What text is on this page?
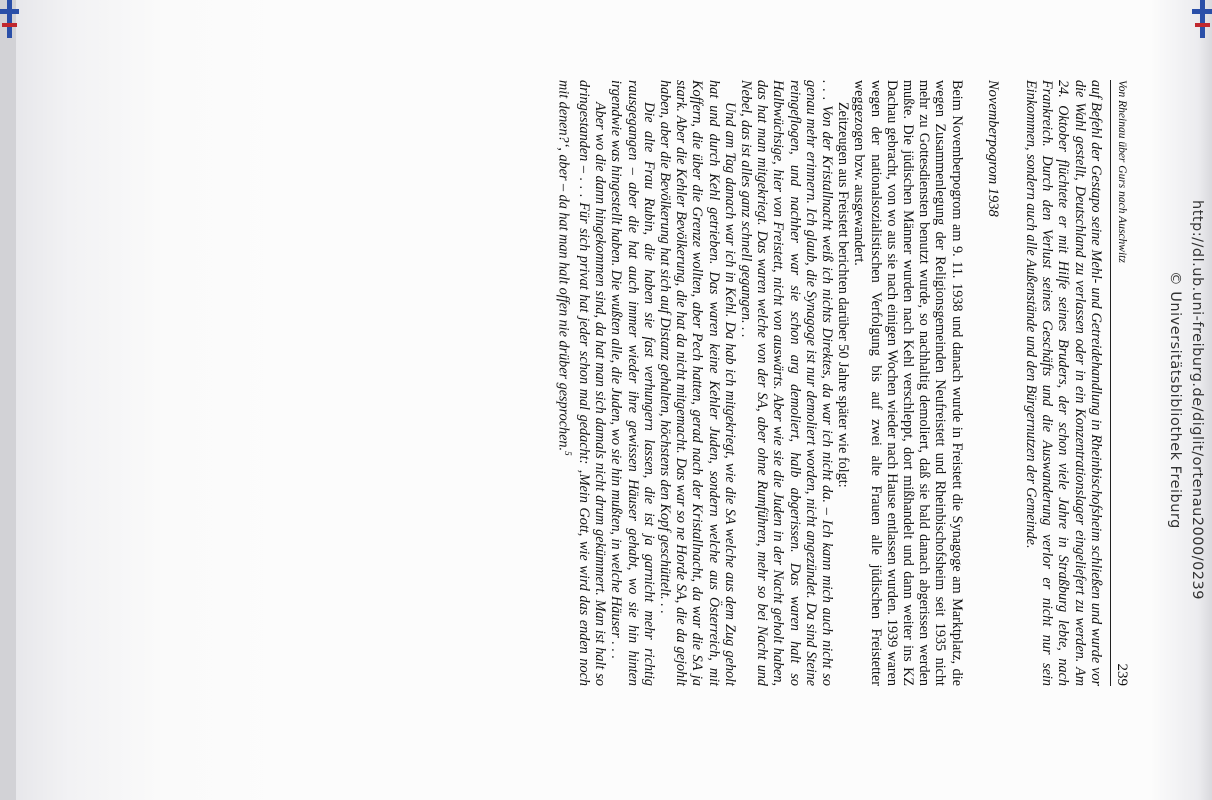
http://dl.ub.uni-freiburg.de/diglit/ortenau2000/0239
© Universitätsbibliothek Freiburg
Von Rheinau über Gurs nach Auschwitz
239

auf Befehl der Gestapo seine Mehl- und Getreidehandlung in Rheinbischofsheim schließen und wurde vor die Wahl gestellt, Deutschland zu verlassen oder in ein Konzentrationslager eingeliefert zu werden. Am 24. Oktober flüchtete er mit Hilfe seines Bruders, der schon viele Jahre in Straßburg lebte, nach Frankreich. Durch den Verlust seines Geschäfts und die Auswanderung verlor er nicht nur sein Einkommen, sondern auch alle Außenstände und den Bürgernutzen der Gemeinde.

Novemberpogrom 1938

Beim Novemberpogrom am 9. 11. 1938 und danach wurde in Freistett die Synagoge am Marktplatz, die wegen Zusammenlegung der Religionsgemeinden Neufreistett und Rheinbischofsheim seit 1935 nicht mehr zu Gottesdiensten benutzt wurde, so nachhaltig demoliert, daß sie bald danach abgerissen werden mußte. Die jüdischen Männer wurden nach Kehl verschleppt, dort mißhandelt und dann weiter ins KZ Dachau gebracht, von wo aus sie nach einigen Wochen wieder nach Hause entlassen wurden. 1939 waren wegen der nationalsozialistischen Verfolgung bis auf zwei alte Frauen alle jüdischen Freistetter weggezogen bzw. ausgewandert.

Zeitzeugen aus Freistett berichten darüber 50 Jahre später wie folgt:

. . . Von der Kristallnacht weiß ich nichts Direktes, da war ich nicht da. – Ich kann mich auch nicht so genau mehr erinnern. Ich glaub, die Synagoge ist nur demoliert worden, nicht angezündet. Da sind Steine reingeflogen, und nachher war sie schon arg demoliert, halb abgerissen. Das waren halt so Halbwüchsige, hier von Freistett, nicht von auswärts. Aber wie sie die Juden in der Nacht geholt haben, das hat man mitgekriegt. Das waren welche von der SA, aber ohne Rumführen, mehr so bei Nacht und Nebel, das ist alles ganz schnell gegangen. . .

Und am Tag danach war ich in Kehl. Da hab ich mitgekriegt, wie die SA welche aus dem Zug geholt hat und durch Kehl getrieben. Das waren keine Kehler Juden, sondern welche aus Österreich, mit Koffern, die über die Grenze wollten, aber Pech hatten, gerad nach der Kristallnacht, da war die SA ja stark. Aber die Kehler Bevölkerung, die hat da nicht mitgemacht. Das war so ne Horde SA, die da gejohlt haben, aber die Bevölkerung hat sich auf Distanz gehalten, höchstens den Kopf geschüttelt. . .

Die alte Frau Rubin, die haben sie fast verhungern lassen, die ist ja garnicht mehr richtig rausgegangen – aber die hat auch immer wieder ihre gewissen Häuser gehabt, wo sie hin hinten irgendwie was hingestellt haben. Die wußten alle, die Juden, wo sie hin mußten, in welche Häuser . . .

Aber wo die dann hingekommen sind, da hat man sich damals nicht drum gekümmert. Man ist halt so dringestanden – . . . Für sich privat hat jeder schon mal gedacht: ‚Mein Gott, wie wird das enden noch mit denen?‘, aber – da hat man halt offen nie drüber gesprochen.$^5$
